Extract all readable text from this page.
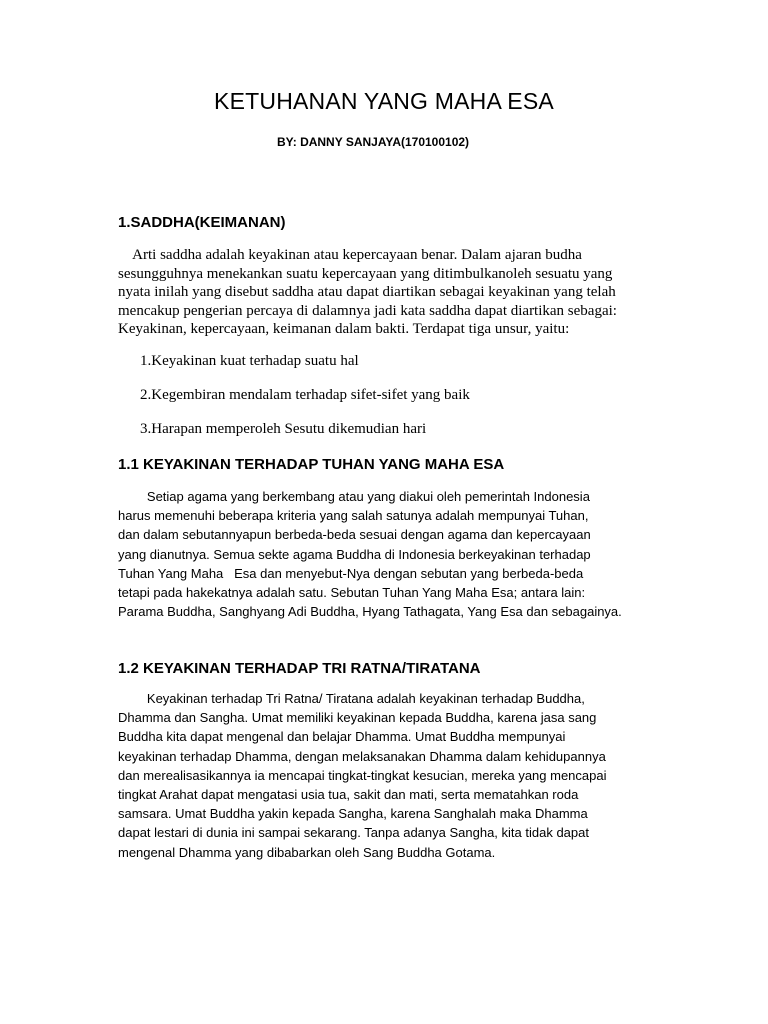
KETUHANAN YANG MAHA ESA
BY: DANNY SANJAYA(170100102)
1.SADDHA(KEIMANAN)

Arti saddha adalah keyakinan atau kepercayaan benar. Dalam ajaran budha
sesungguhnya menekankan suatu kepercayaan yang ditimbulkanoleh sesuatu yang
nyata inilah yang disebut saddha atau dapat diartikan sebagai keyakinan yang telah
mencakup pengerian percaya di dalamnya jadi kata saddha dapat diartikan sebagai:
Keyakinan, kepercayaan, keimanan dalam bakti. Terdapat tiga unsur, yaitu:

1.Keyakinan kuat terhadap suatu hal
2.Kegembiran mendalam terhadap sifet-sifet yang baik
3.Harapan memperoleh Sesutu dikemudian hari
1.1 KEYAKINAN TERHADAP TUHAN YANG MAHA ESA

Setiap agama yang berkembang atau yang diakui oleh pemerintah Indonesia
harus memenuhi beberapa kriteria yang salah satunya adalah mempunyai Tuhan,
dan dalam sebutannyapun berbeda-beda sesuai dengan agama dan kepercayaan
yang dianutnya. Semua sekte agama Buddha di Indonesia berkeyakinan terhadap
Tuhan Yang Maha   Esa dan menyebut-Nya dengan sebutan yang berbeda-beda
tetapi pada hakekatnya adalah satu. Sebutan Tuhan Yang Maha Esa; antara lain:
Parama Buddha, Sanghyang Adi Buddha, Hyang Tathagata, Yang Esa dan sebagainya.

1.2 KEYAKINAN TERHADAP TRI RATNA/TIRATANA

Keyakinan terhadap Tri Ratna/ Tiratana adalah keyakinan terhadap Buddha,
Dhamma dan Sangha. Umat memiliki keyakinan kepada Buddha, karena jasa sang
Buddha kita dapat mengenal dan belajar Dhamma. Umat Buddha mempunyai
keyakinan terhadap Dhamma, dengan melaksanakan Dhamma dalam kehidupannya
dan merealisasikannya ia mencapai tingkat-tingkat kesucian, mereka yang mencapai
tingkat Arahat dapat mengatasi usia tua, sakit dan mati, serta mematahkan roda
samsara. Umat Buddha yakin kepada Sangha, karena Sanghalah maka Dhamma
dapat lestari di dunia ini sampai sekarang. Tanpa adanya Sangha, kita tidak dapat
mengenal Dhamma yang dibabarkan oleh Sang Buddha Gotama.
